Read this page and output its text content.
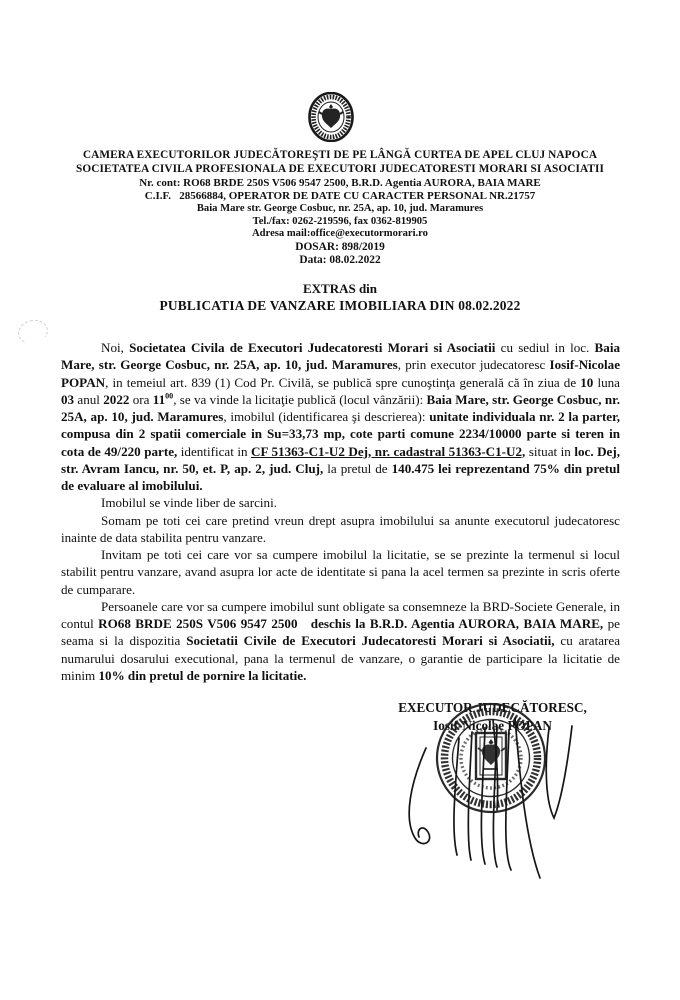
CAMERA EXECUTORILOR JUDECĂTOREŞTI DE PE LÂNGĂ CURTEA DE APEL CLUJ NAPOCA
SOCIETATEA CIVILA PROFESIONALA DE EXECUTORI JUDECATORESTI MORARI SI ASOCIATII
Nr. cont: RO68 BRDE 250S V506 9547 2500, B.R.D. Agentia AURORA, BAIA MARE
C.I.F.   28566884, OPERATOR DE DATE CU CARACTER PERSONAL NR.21757
Baia Mare str. George Cosbuc, nr. 25A, ap. 10, jud. Maramures
Tel./fax: 0262-219596, fax 0362-819905
Adresa mail:office@executormorari.ro
DOSAR: 898/2019
Data: 08.02.2022
EXTRAS din
PUBLICATIA DE VANZARE IMOBILIARA DIN 08.02.2022

Noi, Societatea Civila de Executori Judecatoresti Morari si Asociatii cu sediul in loc. Baia Mare, str. George Cosbuc, nr. 25A, ap. 10, jud. Maramures, prin executor judecatoresc Iosif-Nicolae POPAN, in temeiul art. 839 (1) Cod Pr. Civilă, se publică spre cunoştinţa generală că în ziua de 10 luna 03 anul 2022 ora $11^{00}$, se va vinde la licitaţie publică (locul vânzării): Baia Mare, str. George Cosbuc, nr. 25A, ap. 10, jud. Maramures, imobilul (identificarea şi descrierea): unitate individuala nr. 2 la parter, compusa din 2 spatii comerciale in Su=33,73 mp, cote parti comune 2234/10000 parte si teren in cota de 49/220 parte, identificat in CF 51363-C1-U2 Dej, nr. cadastral 51363-C1-U2, situat in loc. Dej, str. Avram Iancu, nr. 50, et. P, ap. 2, jud. Cluj, la pretul de 140.475 lei reprezentand 75% din pretul de evaluare al imobilului.

Imobilul se vinde liber de sarcini.

Somam pe toti cei care pretind vreun drept asupra imobilului sa anunte executorul judecatoresc inainte de data stabilita pentru vanzare.

Invitam pe toti cei care vor sa cumpere imobilul la licitatie, se se prezinte la termenul si locul stabilit pentru vanzare, avand asupra lor acte de identitate si pana la acel termen sa prezinte in scris oferte de cumparare.

Persoanele care vor sa cumpere imobilul sunt obligate sa consemneze la BRD-Societe Generale, in contul RO68 BRDE 250S V506 9547 2500   deschis la B.R.D. Agentia AURORA, BAIA MARE, pe seama si la dispozitia Societatii Civile de Executori Judecatoresti Morari si Asociatii, cu aratarea numarului dosarului executional, pana la termenul de vanzare, o garantie de participare la licitatie de minim 10% din pretul de pornire la licitatie.

EXECUTOR JUDECĂTORESC,
Iosif-Nicolae POPAN
